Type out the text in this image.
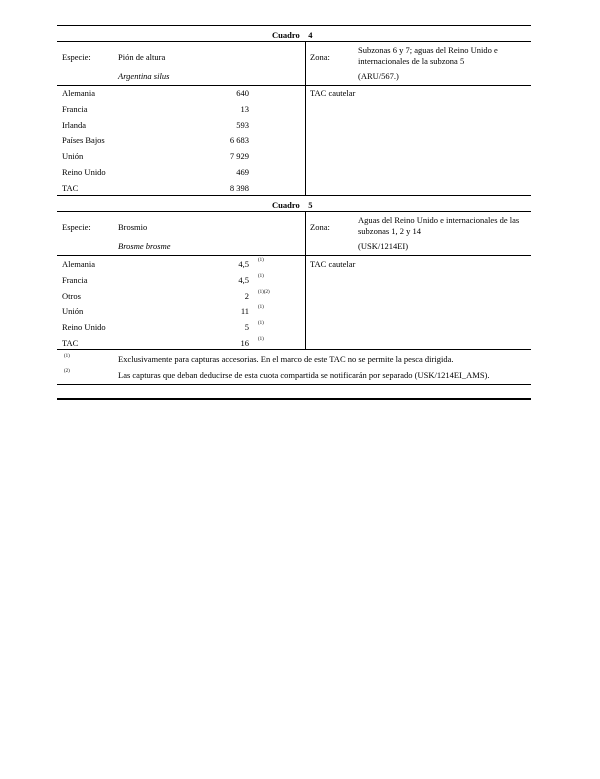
Cuadro 4
Especie:	Pión de altura
Argentina silus
Zona:
Subzonas 6 y 7; aguas del Reino Unido e internacionales de la subzona 5
(ARU/567.)
TAC cautelar
Alemania	640
Francia	13
Irlanda	593
Países Bajos	6 683
Unión	7 929
Reino Unido	469
TAC	8 398
Cuadro 5
Especie:	Brosmio
Brosme brosme
Zona:
Aguas del Reino Unido e internacionales de las subzonas 1, 2 y 14
(USK/1214EI)
TAC cautelar
Alemania	4,5 (1)
Francia	4,5 (1)
Otros	2 (1)(2)
Unión	11 (1)
Reino Unido	5 (1)
TAC	16 (1)
(1)	Exclusivamente para capturas accesorias. En el marco de este TAC no se permite la pesca dirigida.
(2)	Las capturas que deban deducirse de esta cuota compartida se notificarán por separado (USK/1214EI_AMS).
